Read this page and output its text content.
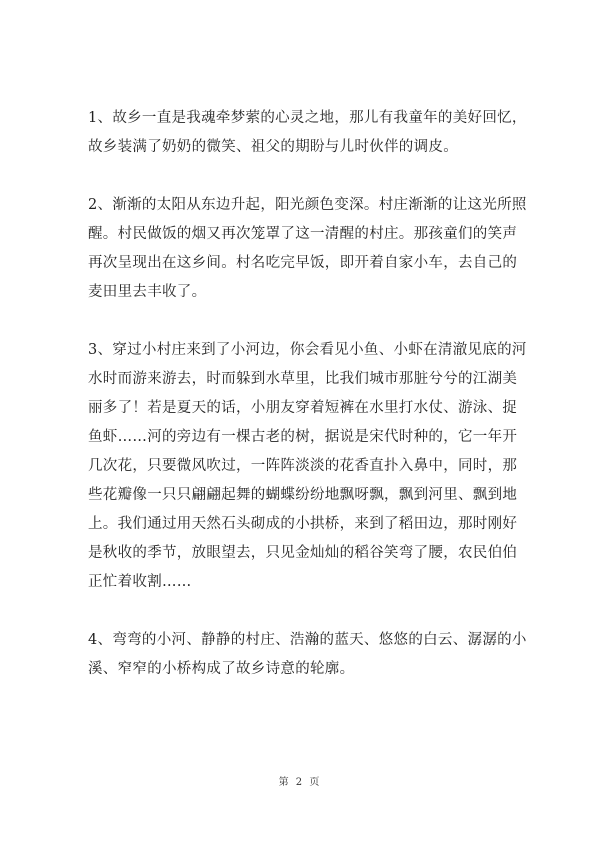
1、故乡一直是我魂牵梦萦的心灵之地，那儿有我童年的美好回忆，故乡装满了奶奶的微笑、祖父的期盼与儿时伙伴的调皮。

2、渐渐的太阳从东边升起，阳光颜色变深。村庄渐渐的让这光所照醒。村民做饭的烟又再次笼罩了这一清醒的村庄。那孩童们的笑声再次呈现出在这乡间。村名吃完早饭，即开着自家小车，去自己的麦田里去丰收了。

3、穿过小村庄来到了小河边，你会看见小鱼、小虾在清澈见底的河水时而游来游去，时而躲到水草里，比我们城市那脏兮兮的江湖美丽多了！若是夏天的话，小朋友穿着短裤在水里打水仗、游泳、捉鱼虾……河的旁边有一棵古老的树，据说是宋代时种的，它一年开几次花，只要微风吹过，一阵阵淡淡的花香直扑入鼻中，同时，那些花瓣像一只只翩翩起舞的蝴蝶纷纷地飘呀飘，飘到河里、飘到地上。我们通过用天然石头砌成的小拱桥，来到了稻田边，那时刚好是秋收的季节，放眼望去，只见金灿灿的稻谷笑弯了腰，农民伯伯正忙着收割……

4、弯弯的小河、静静的村庄、浩瀚的蓝天、悠悠的白云、潺潺的小溪、窄窄的小桥构成了故乡诗意的轮廓。

第 2 页
